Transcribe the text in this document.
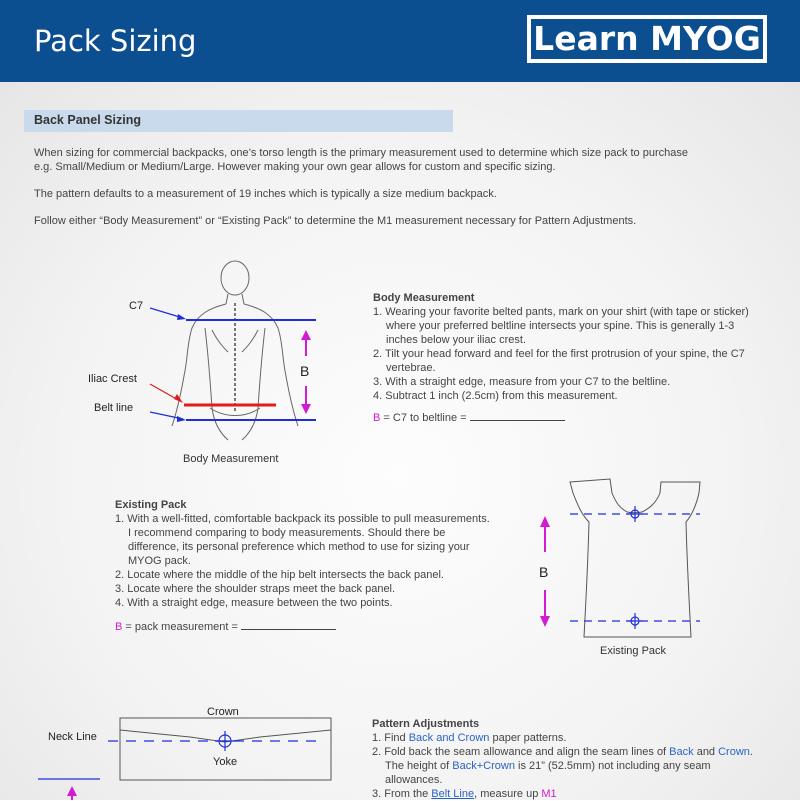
Pack Sizing	Learn MYOG
Back Panel Sizing
When sizing for commercial backpacks, one’s torso length is the primary measurement used to determine which size pack to purchase
e.g. Small/Medium or Medium/Large. However making your own gear allows for custom and specific sizing.
The pattern defaults to a measurement of 19 inches which is typically a size medium backpack.
Follow either “Body Measurement” or “Existing Pack” to determine the M1 measurement necessary for Pattern Adjustments.
C7
Iliac Crest
Belt line
B
Body Measurement
Body Measurement
1. Wearing your favorite belted pants, mark on your shirt (with tape or sticker) where your preferred beltline intersects your spine. This is generally 1-3 inches below your iliac crest.
2. Tilt your head forward and feel for the first protrusion of your spine, the C7 vertebrae.
3. With a straight edge, measure from your C7 to the beltline.
4. Subtract 1 inch (2.5cm) from this measurement.
B = C7 to beltline =
Existing Pack
1. With a well-fitted, comfortable backpack its possible to pull measurements. I recommend comparing to body measurements. Should there be difference, its personal preference which method to use for sizing your MYOG pack.
2. Locate where the middle of the hip belt intersects the back panel.
3. Locate where the shoulder straps meet the back panel.
4. With a straight edge, measure between the two points.
B = pack measurement =
B
Existing Pack
Crown
Neck Line
Yoke
Pattern Adjustments
1. Find Back and Crown paper patterns.
2. Fold back the seam allowance and align the seam lines of Back and Crown. The height of Back+Crown is 21” (52.5mm) not including any seam allowances.
3. From the Belt Line, measure up M1
